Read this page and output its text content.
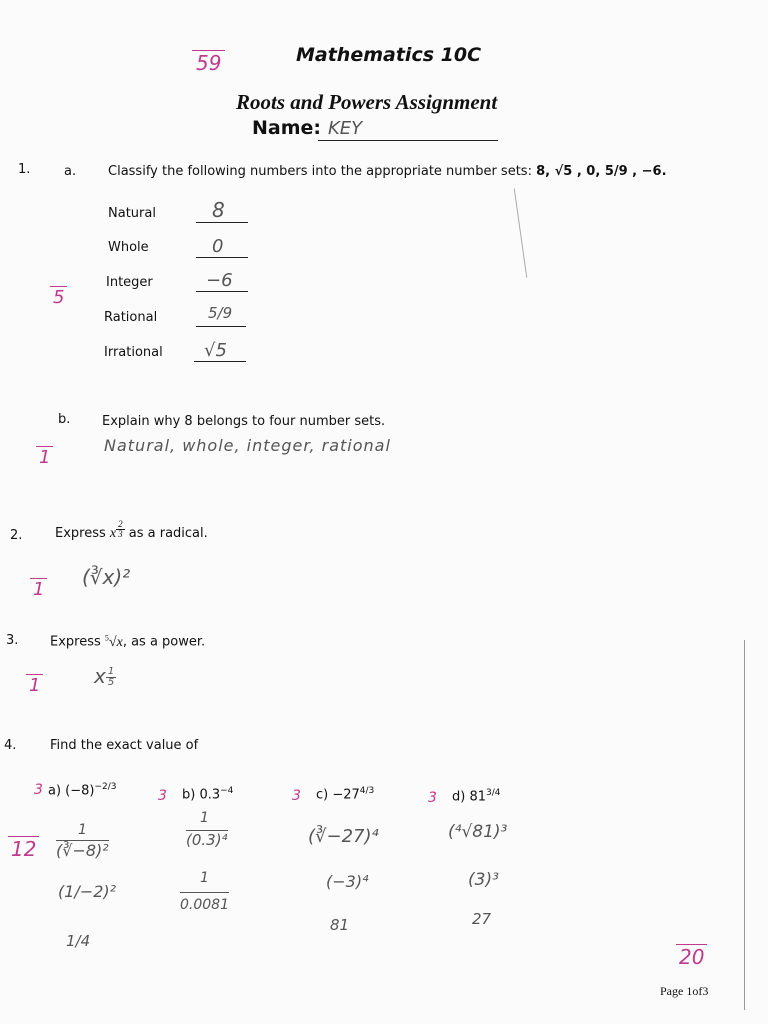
59	Mathematics 10C
Roots and Powers Assignment
Name: KEY
1.	a. Classify the following numbers into the appropriate number sets: 8, √5 , 0, 5/9 , −6.
5
Natural	8
Whole	0
Integer	−6
Rational	5/9
Irrational √5
b. Explain why 8 belongs to four number sets.
Natural, whole, integer, rational
1
2.	Express x $^{\frac{2}{3}}$ as a radical.
(∛x)²
1
3. Express $^5$√x, as a power.
x $\frac{1}{5}$
1
4.	Find the exact value of
12
3 a) $(-8)^{-2/3}$
1
(∛−8)²
(1/−2)²
1/4
3 b) $0.3^{-4}$
1
(0.3)⁴
1
0.0081
3 $c) -27^{4/3}$
(∛−27)⁴
(−3)⁴
81
3 d) $81^{3/4}$
(⁴√81)³
(3)³
27
20
Page 1of3
